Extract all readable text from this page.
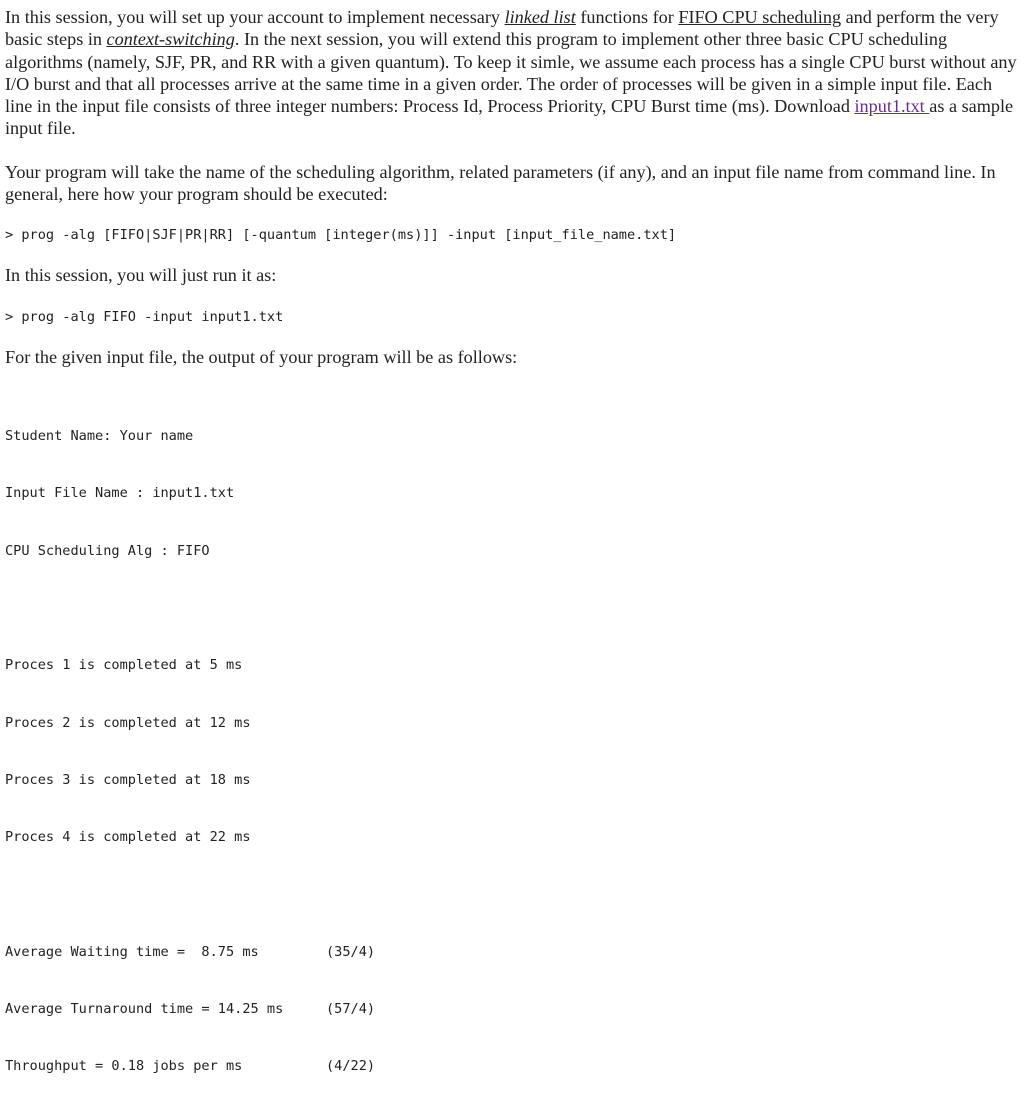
In this session, you will set up your account to implement necessary linked list functions for FIFO CPU scheduling and perform the very basic steps in context-switching. In the next session, you will extend this program to implement other three basic CPU scheduling algorithms (namely, SJF, PR, and RR with a given quantum). To keep it simle, we assume each process has a single CPU burst without any I/O burst and that all processes arrive at the same time in a given order. The order of processes will be given in a simple input file. Each line in the input file consists of three integer numbers: Process Id, Process Priority, CPU Burst time (ms). Download input1.txt as a sample input file.

Your program will take the name of the scheduling algorithm, related parameters (if any), and an input file name from command line. In general, here how your program should be executed:

> prog -alg [FIFO|SJF|PR|RR] [-quantum [integer(ms)]] -input [input_file_name.txt]

In this session, you will just run it as:

> prog -alg FIFO -input input1.txt

For the given input file, the output of your program will be as follows:

Student Name: Your name

Input File Name : input1.txt

CPU Scheduling Alg : FIFO

Proces 1 is completed at 5 ms

Proces 2 is completed at 12 ms

Proces 3 is completed at 18 ms

Proces 4 is completed at 22 ms

Average Waiting time =  8.75 ms	(35/4)

Average Turnaround time = 14.25 ms	(57/4)

Throughput = 0.18 jobs per ms	(4/22)
